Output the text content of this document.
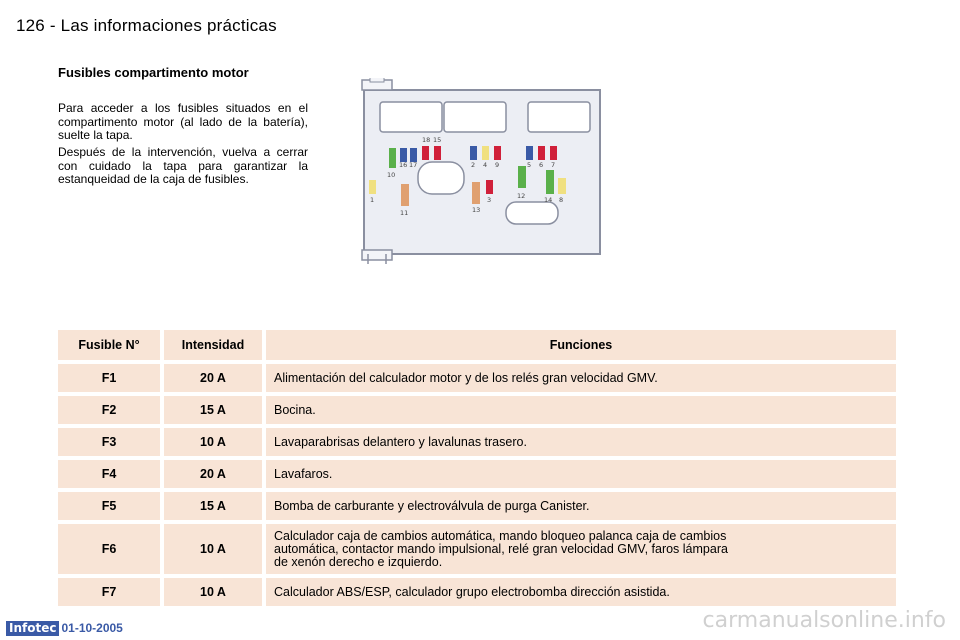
126 - Las informaciones prácticas
Fusibles compartimento motor
Para acceder a los fusibles situados en el compartimento motor (al lado de la batería), suelte la tapa.
Después de la intervención, vuelva a cerrar con cuidado la tapa para garantizar la estanqueidad de la caja de fusibles.	10
16 17
18 15
2 4 9	5 6 7
1
11	13
3	12	14 8
Fusible N°	Intensidad	Funciones
F1	20 A	Alimentación del calculador motor y de los relés gran velocidad GMV.
F2	15 A	Bocina.
F3	10 A	Lavaparabrisas delantero y lavalunas trasero.
F4	20 A	Lavafaros.
F5	15 A	Bomba de carburante y electroválvula de purga Canister.
F6	10 A	Calculador caja de cambios automática, mando bloqueo palanca caja de cambios
automática, contactor mando impulsional, relé gran velocidad GMV, faros lámpara
de xenón derecho e izquierdo.

F7	10 A	Calculador ABS/ESP, calculador grupo electrobomba dirección asistida.
Infotec 01-10-2005	carmanualsonline.info
